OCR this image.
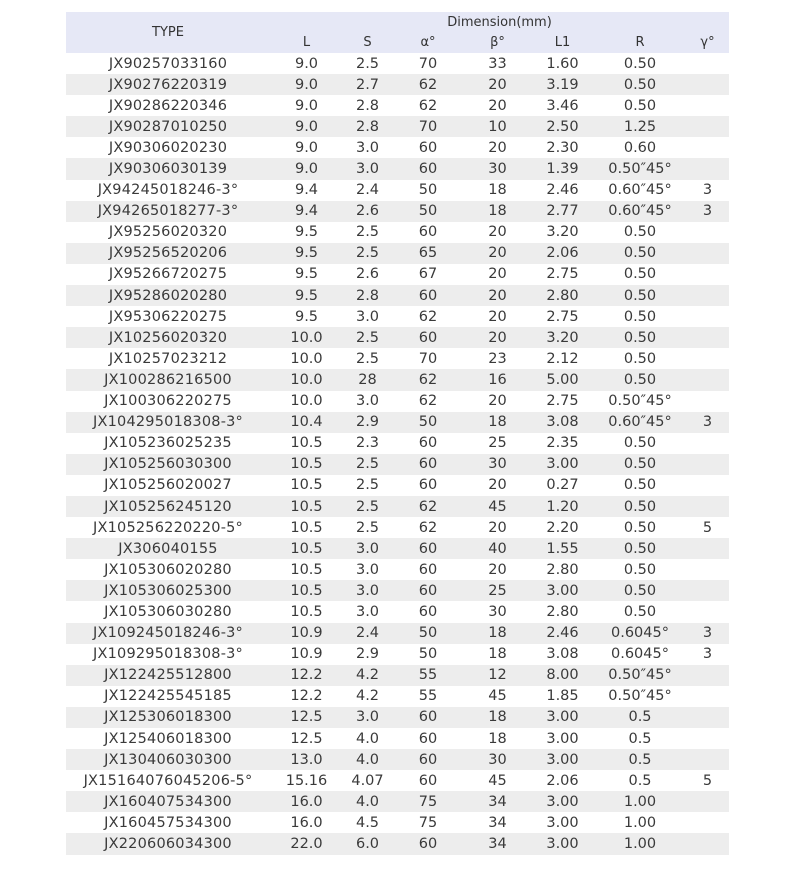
TYPE	Dimension(mm)						
	L	S	α°	β°	L1	R	γ°
JX90257033160	9.0	2.5	70	33	1.60	0.50	
JX90276220319	9.0	2.7	62	20	3.19	0.50	
JX90286220346	9.0	2.8	62	20	3.46	0.50	
JX90287010250	9.0	2.8	70	10	2.50	1.25	
JX90306020230	9.0	3.0	60	20	2.30	0.60	
JX90306030139	9.0	3.0	60	30	1.39	0.50″45°	
JX94245018246-3°	9.4	2.4	50	18	2.46	0.60″45°	3
JX94265018277-3°	9.4	2.6	50	18	2.77	0.60″45°	3
JX95256020320	9.5	2.5	60	20	3.20	0.50	
JX95256520206	9.5	2.5	65	20	2.06	0.50	
JX95266720275	9.5	2.6	67	20	2.75	0.50	
JX95286020280	9.5	2.8	60	20	2.80	0.50	
JX95306220275	9.5	3.0	62	20	2.75	0.50	
JX10256020320	10.0	2.5	60	20	3.20	0.50	
JX10257023212	10.0	2.5	70	23	2.12	0.50	
JX100286216500	10.0	28	62	16	5.00	0.50	
JX100306220275	10.0	3.0	62	20	2.75	0.50″45°	
JX104295018308-3°	10.4	2.9	50	18	3.08	0.60″45°	3
JX105236025235	10.5	2.3	60	25	2.35	0.50	
JX105256030300	10.5	2.5	60	30	3.00	0.50	
JX105256020027	10.5	2.5	60	20	0.27	0.50	
JX105256245120	10.5	2.5	62	45	1.20	0.50	
JX105256220220-5°	10.5	2.5	62	20	2.20	0.50	5
JX306040155	10.5	3.0	60	40	1.55	0.50	
JX105306020280	10.5	3.0	60	20	2.80	0.50	
JX105306025300	10.5	3.0	60	25	3.00	0.50	
JX105306030280	10.5	3.0	60	30	2.80	0.50	
JX109245018246-3°	10.9	2.4	50	18	2.46	0.6045°	3
JX109295018308-3°	10.9	2.9	50	18	3.08	0.6045°	3
JX122425512800	12.2	4.2	55	12	8.00	0.50″45°	
JX122425545185	12.2	4.2	55	45	1.85	0.50″45°	
JX125306018300	12.5	3.0	60	18	3.00	0.5	
JX125406018300	12.5	4.0	60	18	3.00	0.5	
JX130406030300	13.0	4.0	60	30	3.00	0.5	
JX15164076045206-5°	15.16	4.07	60	45	2.06	0.5	5
JX160407534300	16.0	4.0	75	34	3.00	1.00	
JX160457534300	16.0	4.5	75	34	3.00	1.00	
JX220606034300	22.0	6.0	60	34	3.00	1.00	
